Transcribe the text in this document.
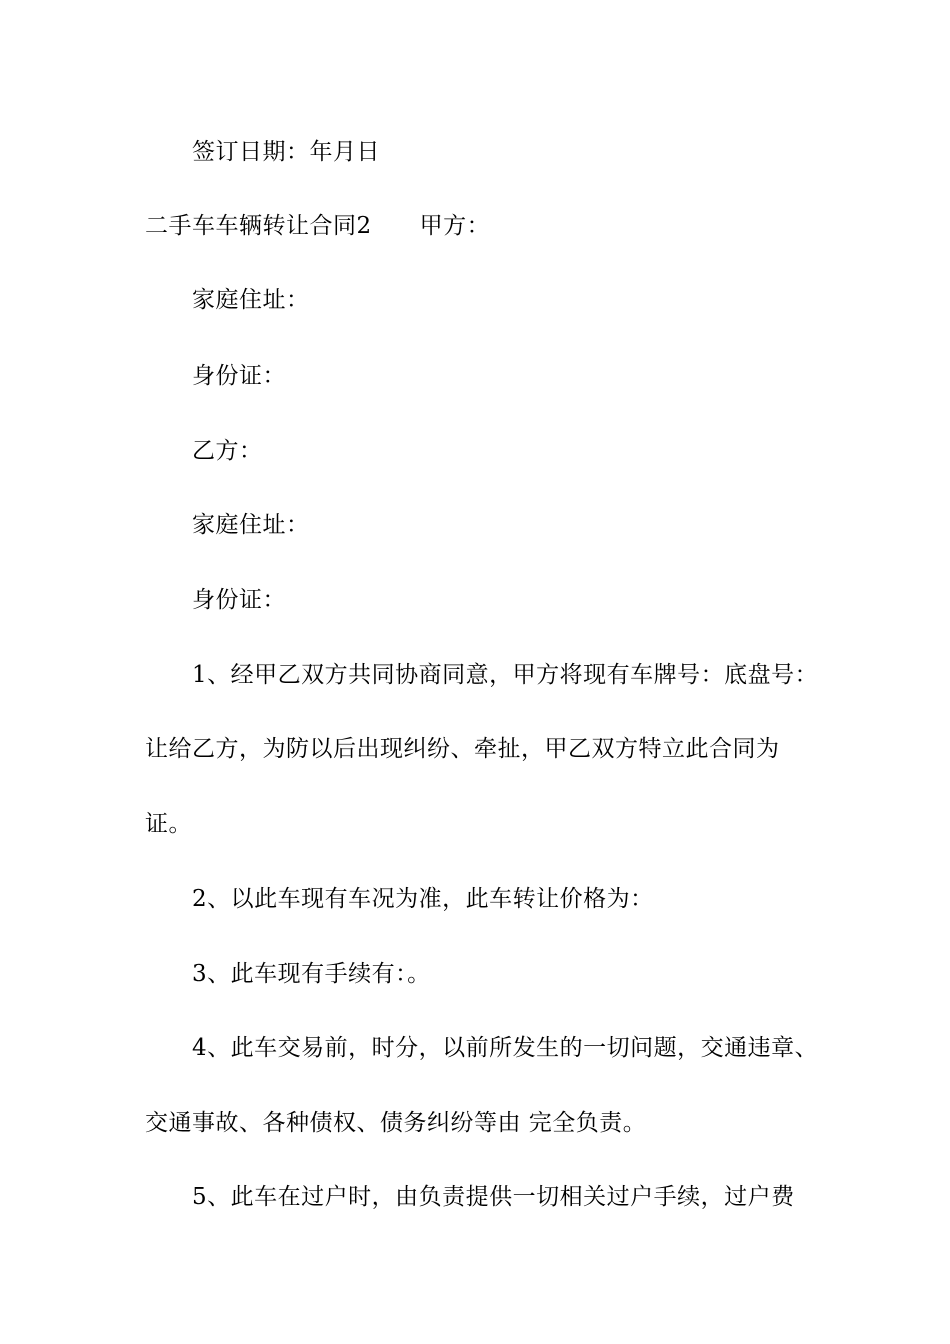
签订日期：年月日
二手车车辆转让合同2 甲方：
家庭住址：
身份证：
乙方：
家庭住址：
身份证：
1、经甲乙双方共同协商同意，甲方将现有车牌号：底盘号：
让给乙方，为防以后出现纠纷、牵扯，甲乙双方特立此合同为
证。
2、以此车现有车况为准，此车转让价格为：
3、此车现有手续有：。
4、此车交易前，时分，以前所发生的一切问题，交通违章、
交通事故、各种债权、债务纠纷等由 完全负责。
5、此车在过户时，由负责提供一切相关过户手续，过户费
